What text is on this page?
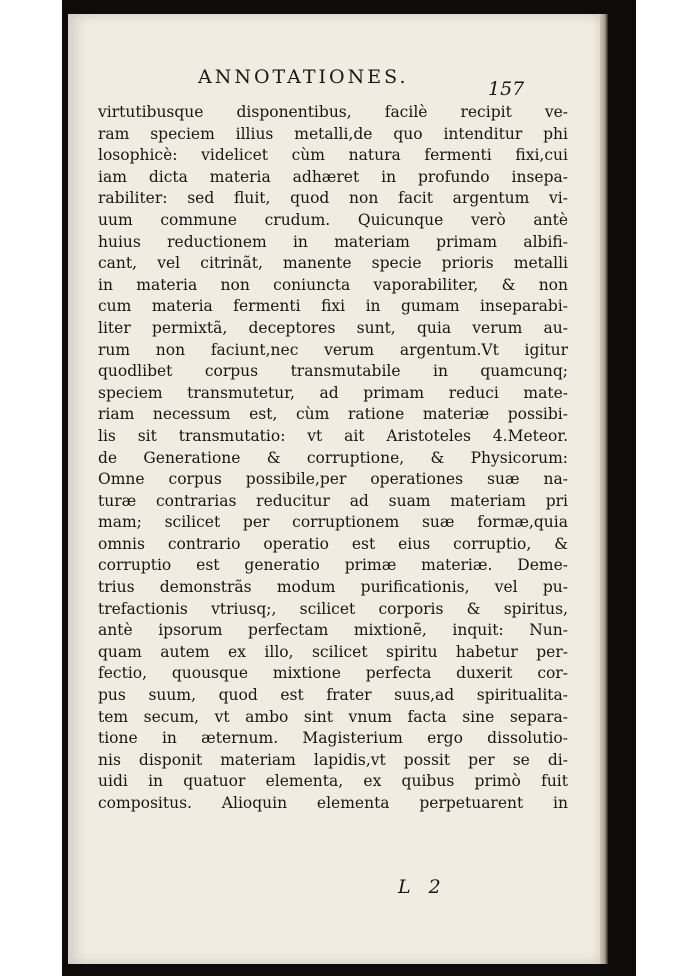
ANNOTATIONES.
157
virtutibusque disponentibus, facilè recipit ve-
ram speciem illius metalli,de quo intenditur phi
losophicè: videlicet cùm natura fermenti fixi,cui
iam dicta materia adhæret in profundo insepa-
rabiliter: sed fluit, quod non facit argentum vi-
uum commune crudum. Quicunque verò antè
huius reductionem in materiam primam albifi-
cant, vel citrinãt, manente specie prioris metalli
in materia non coniuncta vaporabiliter, & non
cum materia fermenti fixi in gumam inseparabi-
liter permixtã, deceptores sunt, quia verum au-
rum non faciunt,nec verum argentum.Vt igitur
quodlibet corpus transmutabile in quamcunq;
speciem transmutetur, ad primam reduci mate-
riam necessum est, cùm ratione materiæ possibi-
lis sit transmutatio: vt ait Aristoteles 4.Meteor.
de Generatione & corruptione, & Physicorum:
Omne corpus possibile,per operationes suæ na-
turæ contrarias reducitur ad suam materiam pri
mam; scilicet per corruptionem suæ formæ,quia
omnis contrario operatio est eius corruptio, &
corruptio est generatio primæ materiæ. Deme-
trius demonstrãs modum purificationis, vel pu-
trefactionis vtriusq;, scilicet corporis & spiritus,
antè ipsorum perfectam mixtionẽ, inquit: Nun-
quam autem ex illo, scilicet spiritu habetur per-
fectio, quousque mixtione perfecta duxerit cor-
pus suum, quod est frater suus,ad spiritualita-
tem secum, vt ambo sint vnum facta sine separa-
tione in æternum. Magisterium ergo dissolutio-
nis disponit materiam lapidis,vt possit per se di-
uidi in quatuor elementa, ex quibus primò fuit
compositus. Alioquin elementa perpetuarent in
L 2
